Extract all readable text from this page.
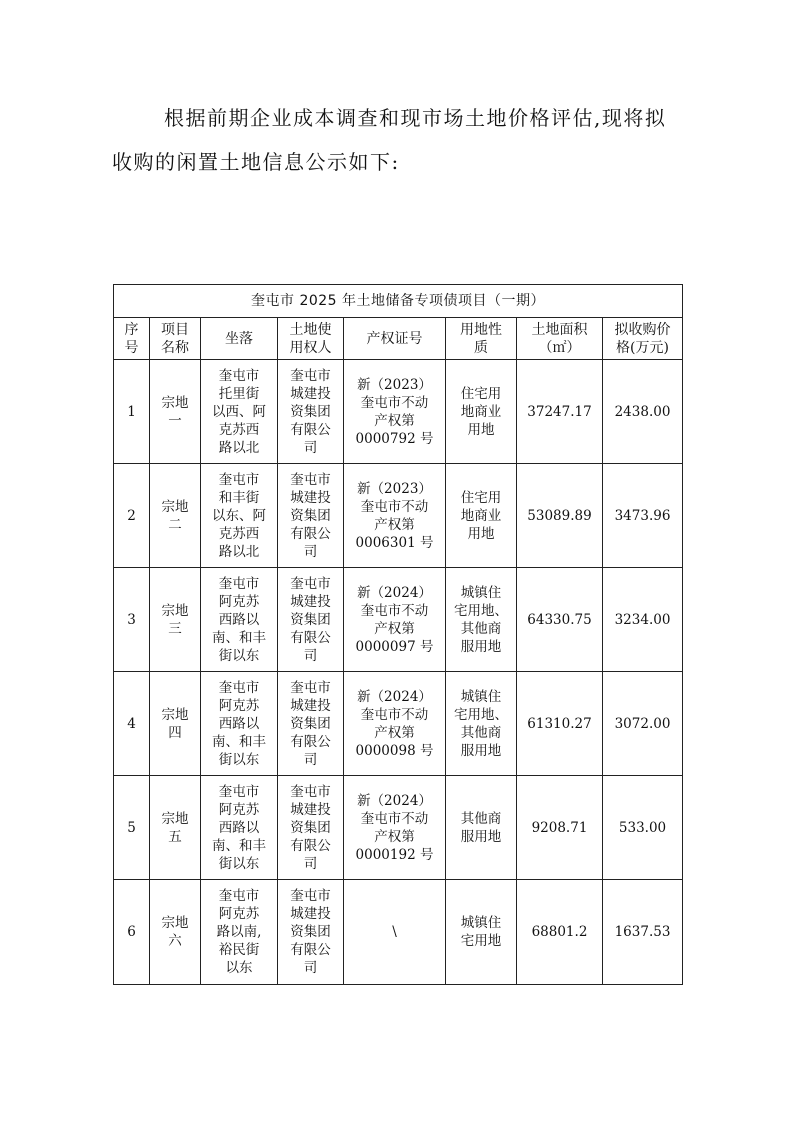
根据前期企业成本调查和现市场土地价格评估,现将拟
收购的闲置土地信息公示如下:

奎屯市 2025 年土地储备专项债项目（一期）							

序
号	项目
名称	坐落	土地使
用权人	产权证号	用地性
质	土地面积
（㎡）	拟收购价
格(万元)

1	宗地
一	奎屯市
托里街
以西、阿
克苏西
路以北	奎屯市
城建投
资集团
有限公
司	新（2023）
奎屯市不动
产权第
0000792 号	住宅用
地商业
用地	37247.17	2438.00
2	宗地
二	奎屯市
和丰街
以东、阿
克苏西
路以北	奎屯市
城建投
资集团
有限公
司	新（2023）
奎屯市不动
产权第
0006301 号	住宅用
地商业
用地	53089.89	3473.96
3	宗地
三	奎屯市
阿克苏
西路以
南、和丰
街以东	奎屯市
城建投
资集团
有限公
司	新（2024）
奎屯市不动
产权第
0000097 号	城镇住
宅用地、
其他商
服用地	64330.75	3234.00
4	宗地
四	奎屯市
阿克苏
西路以
南、和丰
街以东	奎屯市
城建投
资集团
有限公
司	新（2024）
奎屯市不动
产权第
0000098 号	城镇住
宅用地、
其他商
服用地	61310.27	3072.00
5	宗地
五	奎屯市
阿克苏
西路以
南、和丰
街以东	奎屯市
城建投
资集团
有限公
司	新（2024）
奎屯市不动
产权第
0000192 号	其他商
服用地	9208.71	533.00
6	宗地
六	奎屯市
阿克苏
路以南,
裕民街
以东	奎屯市
城建投
资集团
有限公
司	\	城镇住
宅用地	68801.2	1637.53
